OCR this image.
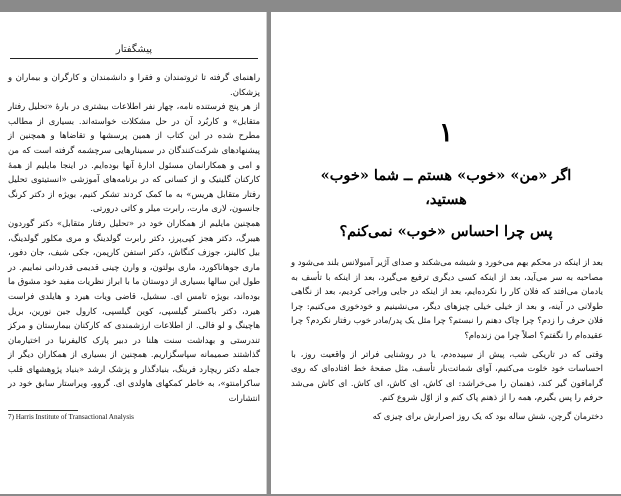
پیشگفتار

راهنمای گرفته تا ثروتمندان و فقرا و دانشمندان و کارگران و بیماران و پزشکان.

از هر پنج فرستنده نامه، چهار نفر اطلاعات بیشتری در بارهٔ «تحلیل رفتار متقابل» و کاربُرد آن در حل مشکلات خواسته‌اند. بسیاری از مطالب مطرح شده در این کتاب از همین پرسشها و تقاضاها و همچنین از پیشنهادهای شرکت‌کنندگان در سمینارهایی سرچشمه گرفته است که من و امی و همکارانمان مسئول ادارهٔ آنها بوده‌ایم. در اینجا مایلیم از همهٔ کارکنان گلینیک و از کسانی که در برنامه‌های آموزشی «انستیتوی تحلیل رفتار متقابل هریس» به ما کمک کردند تشکر کنیم، بویژه از دکتر کرنگ جانسون، لاری مارت، رابرت میلر و کاتی درورتی.

همچنین مایلیم از همکاران خود در «تحلیل رفتار متقابل» دکتر گوردون هیبرگ، دکتر هجز کپی‌پرز، دکتر رابرت گولدینگ و مری مکلور گولدینگ، بیل کالینز، جوزف کنگاش، دکتر استفن کارپمن، جکی شیف، جان دفور، ماری جوهاناکورد، ماری بولتون، و وارن چینی قدیمی قدردانی نماییم. در طول این سالها بسیاری از دوستان ما با ابراز نظریات مفید خود مشوق ما بوده‌اند، بویژه تامس ای. سشیل، قاضی ویات هیرد و هایلدی فراست هیرد، دکتر باکستر گیلسپی، کوین گیلسپی، کارول جین نورین، بریل هاچینگ و لو فالی. از اطلاعات ارزشمندی که کارکنان بیمارستان و مرکز تندرستی و بهداشت سنت هلنا در دبیر پارک کالیفرنیا در اختیارمان گذاشتند صمیمانه سپاسگزاریم. همچنین از بسیاری از همکاران دیگر از جمله دکتر ریچارد فرینگ، بنیادگذار و پزشک ارشد «بنیاد پژوهشهای قلب ساکرامنتو»، به خاطر کمکهای هاولدی ای. گروو، ویراستار سابق خود در انتشارات

7) Harris Institute of Transactional Analysis
۱
اگر «من» «خوب» هستم ــ شما «خوب» هستید،
پس چرا احساس «خوب» نمی‌کنم؟

بعد از اینکه در محکم بهم می‌خورد و شیشه می‌شکند و صدای آژیر آمبولانس بلند می‌شود و مصاحبه به سر می‌آید، بعد از اینکه کسی دیگری ترفیع می‌گیرد، بعد از اینکه با تأسف به یادمان می‌افتد که فلان کار را نکرده‌ایم، بعد از اینکه در جایی وراجی کردیم، بعد از نگاهی طولانی در آینه، و بعد از خیلی خیلی چیزهای دیگر، می‌نشینیم و خودخوری می‌کنیم: چرا فلان حرف را زدم؟ چرا چاک دهنم را نبستم؟ چرا مثل یک پدر/مادر خوب رفتار نکردم؟ چرا عقیده‌ام را نگفتم؟ اصلاً چرا من زنده‌ام؟

وقتی که در تاریکی شب، پیش از سپیده‌دم، یا در روشنایی فراتر از واقعیت روز، با احساسات خود خلوت می‌کنیم، آوای شماتت‌بار تأسف، مثل صفحهٔ خط افتاده‌ای که روی گرامافون گیر کند، ذهنمان را می‌خراشد: ای کاش، ای کاش، ای کاش. ای کاش می‌شد حرفم را پس بگیرم، همه را از ذهنم پاک کنم و از اوّل شروع کنم.

دخترمان گرچن، شش ساله بود که یک روز اصرارش برای چیزی که
